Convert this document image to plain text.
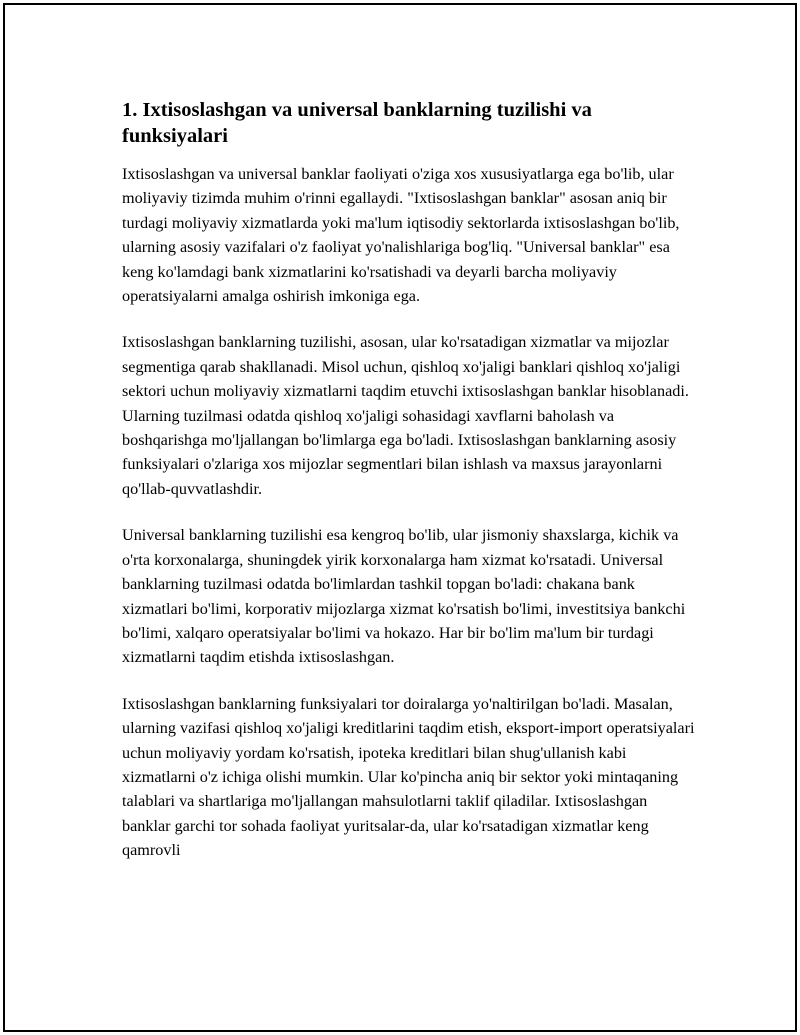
1. Ixtisoslashgan va universal banklarning tuzilishi va funksiyalari

Ixtisoslashgan va universal banklar faoliyati o'ziga xos xususiyatlarga ega bo'lib, ular moliyaviy tizimda muhim o'rinni egallaydi. "Ixtisoslashgan banklar" asosan aniq bir turdagi moliyaviy xizmatlarda yoki ma'lum iqtisodiy sektorlarda ixtisoslashgan bo'lib, ularning asosiy vazifalari o'z faoliyat yo'nalishlariga bog'liq. "Universal banklar" esa keng ko'lamdagi bank xizmatlarini ko'rsatishadi va deyarli barcha moliyaviy operatsiyalarni amalga oshirish imkoniga ega.

Ixtisoslashgan banklarning tuzilishi, asosan, ular ko'rsatadigan xizmatlar va mijozlar segmentiga qarab shakllanadi. Misol uchun, qishloq xo'jaligi banklari qishloq xo'jaligi sektori uchun moliyaviy xizmatlarni taqdim etuvchi ixtisoslashgan banklar hisoblanadi. Ularning tuzilmasi odatda qishloq xo'jaligi sohasidagi xavflarni baholash va boshqarishga mo'ljallangan bo'limlarga ega bo'ladi. Ixtisoslashgan banklarning asosiy funksiyalari o'zlariga xos mijozlar segmentlari bilan ishlash va maxsus jarayonlarni qo'llab-quvvatlashdir.

Universal banklarning tuzilishi esa kengroq bo'lib, ular jismoniy shaxslarga, kichik va o'rta korxonalarga, shuningdek yirik korxonalarga ham xizmat ko'rsatadi. Universal banklarning tuzilmasi odatda bo'limlardan tashkil topgan bo'ladi: chakana bank xizmatlari bo'limi, korporativ mijozlarga xizmat ko'rsatish bo'limi, investitsiya bankchi bo'limi, xalqaro operatsiyalar bo'limi va hokazo. Har bir bo'lim ma'lum bir turdagi xizmatlarni taqdim etishda ixtisoslashgan.

Ixtisoslashgan banklarning funksiyalari tor doiralarga yo'naltirilgan bo'ladi. Masalan, ularning vazifasi qishloq xo'jaligi kreditlarini taqdim etish, eksport-import operatsiyalari uchun moliyaviy yordam ko'rsatish, ipoteka kreditlari bilan shug'ullanish kabi xizmatlarni o'z ichiga olishi mumkin. Ular ko'pincha aniq bir sektor yoki mintaqaning talablari va shartlariga mo'ljallangan mahsulotlarni taklif qiladilar. Ixtisoslashgan banklar garchi tor sohada faoliyat yuritsalar-da, ular ko'rsatadigan xizmatlar keng qamrovli
